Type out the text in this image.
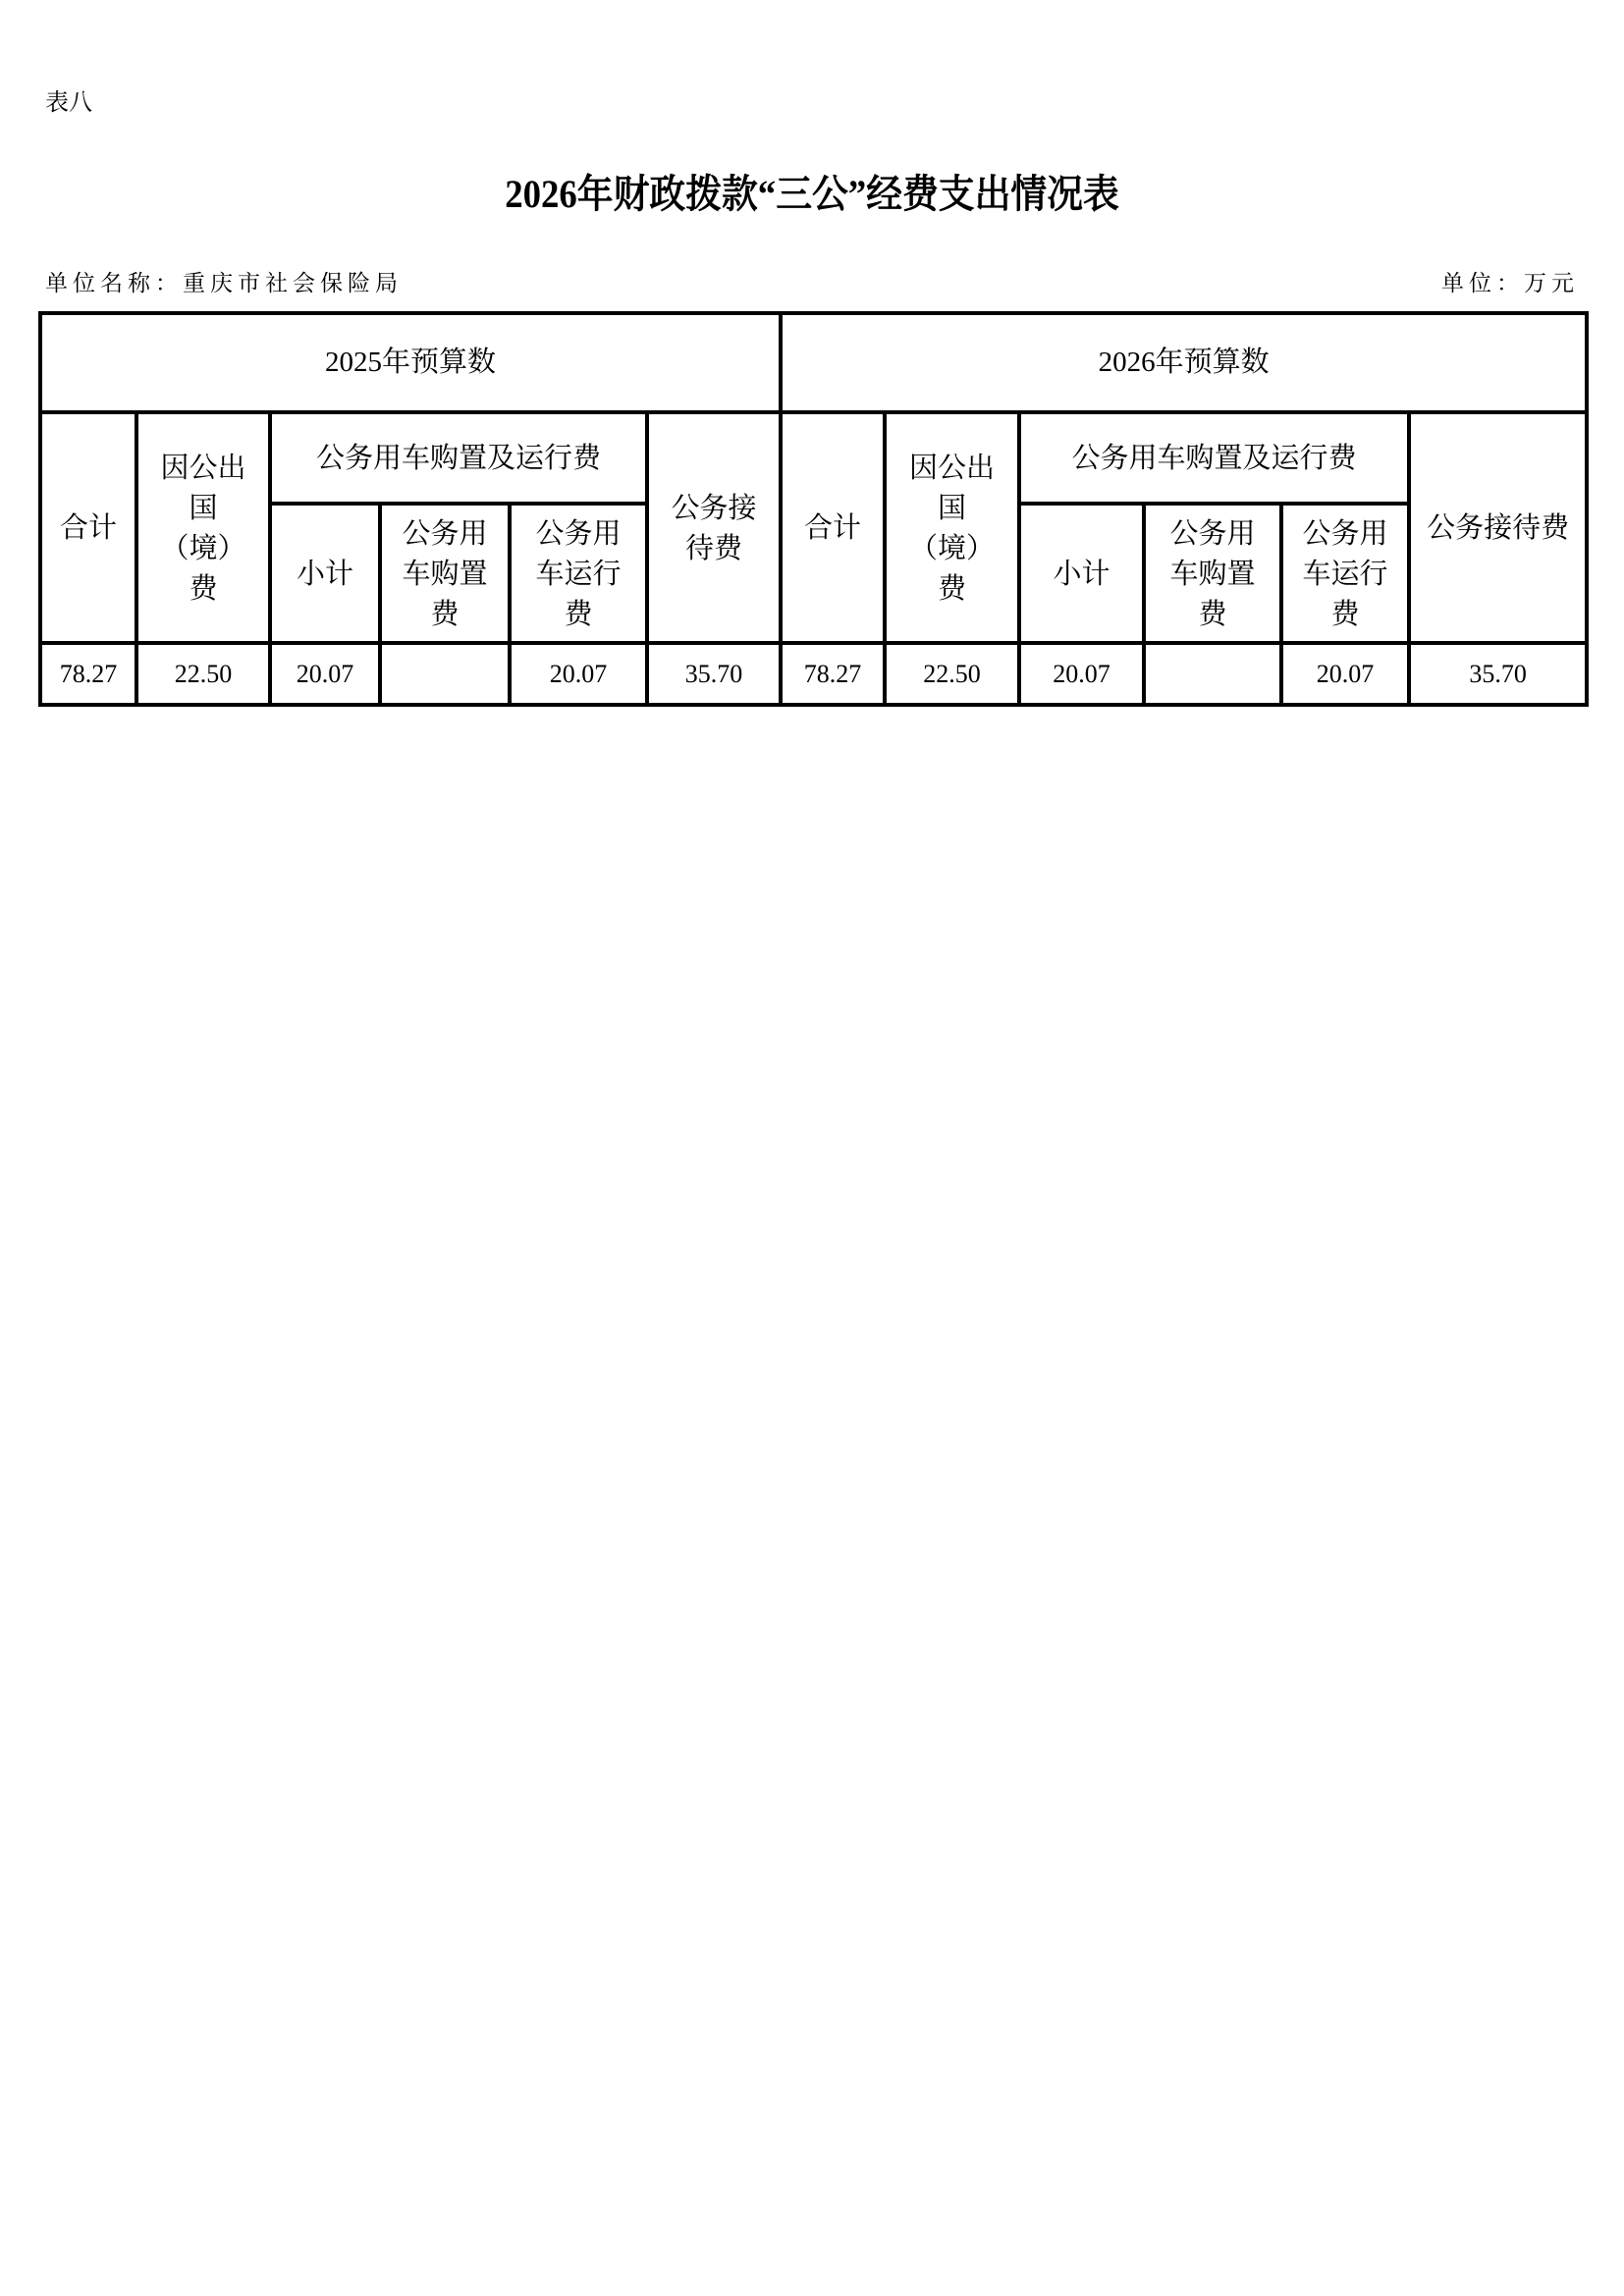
表八
2026年财政拨款“三公”经费支出情况表
单位名称：重庆市社会保险局	单位：万元
2025年预算数						2026年预算数					
合计	因公出国（境）费	公务用车购置及运行费			公务接待费	合计	因公出国（境）费	公务用车购置及运行费			公务接待费
		小计	公务用车购置费	公务用车运行费				小计	公务用车购置费	公务用车运行费	
78.27	22.50	20.07		20.07	35.70	78.27	22.50	20.07		20.07	35.70
